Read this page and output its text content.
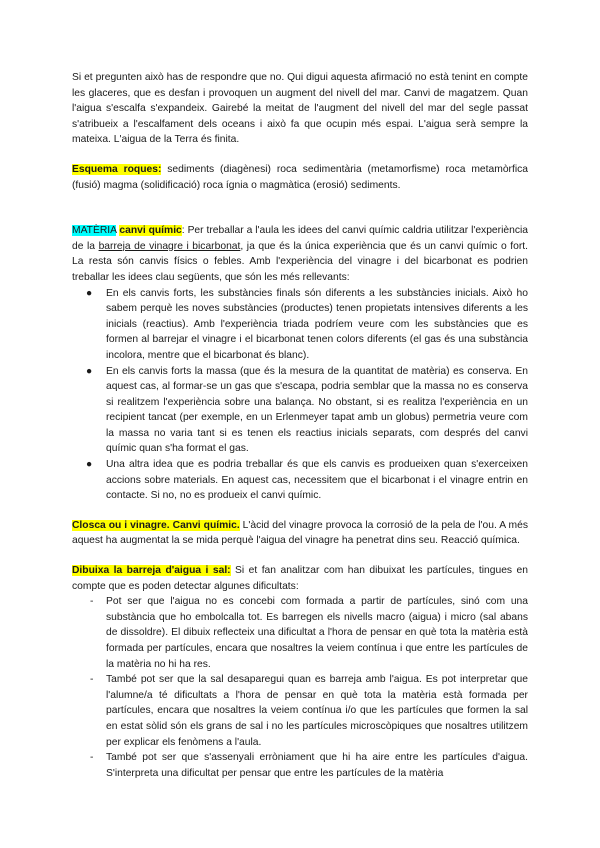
Si et pregunten això has de respondre que no. Qui digui aquesta afirmació no està tenint en compte les glaceres, que es desfan i provoquen un augment del nivell del mar. Canvi de magatzem. Quan l'aigua s'escalfa s'expandeix. Gairebé la meitat de l'augment del nivell del mar del segle passat s'atribueix a l'escalfament dels oceans i això fa que ocupin més espai. L'aigua serà sempre la mateixa. L'aigua de la Terra és finita.

Esquema roques: sediments (diagènesi) roca sedimentària (metamorfisme) roca metamòrfica (fusió) magma (solidificació) roca ígnia o magmàtica (erosió) sediments.

MATÈRIA canvi químic: Per treballar a l'aula les idees del canvi químic caldria utilitzar l'experiència de la barreja de vinagre i bicarbonat, ja que és la única experiència que és un canvi químic o fort. La resta són canvis físics o febles. Amb l'experiència del vinagre i del bicarbonat es podrien treballar les idees clau següents, que són les més rellevants:

● En els canvis forts, les substàncies finals són diferents a les substàncies inicials. Això ho sabem perquè les noves substàncies (productes) tenen propietats intensives diferents a les inicials (reactius). Amb l'experiència triada podríem veure com les substàncies que es formen al barrejar el vinagre i el bicarbonat tenen colors diferents (el gas és una substància incolora, mentre que el bicarbonat és blanc).
● En els canvis forts la massa (que és la mesura de la quantitat de matèria) es conserva. En aquest cas, al formar-se un gas que s'escapa, podria semblar que la massa no es conserva si realitzem l'experiència sobre una balança. No obstant, si es realitza l'experiència en un recipient tancat (per exemple, en un Erlenmeyer tapat amb un globus) permetria veure com la massa no varia tant si es tenen els reactius inicials separats, com després del canvi químic quan s'ha format el gas.
● Una altra idea que es podria treballar és que els canvis es produeixen quan s'exerceixen accions sobre materials. En aquest cas, necessitem que el bicarbonat i el vinagre entrin en contacte. Si no, no es produeix el canvi químic.

Closca ou i vinagre. Canvi químic. L'àcid del vinagre provoca la corrosió de la pela de l'ou. A més aquest ha augmentat la se mida perquè l'aigua del vinagre ha penetrat dins seu. Reacció química.

Dibuixa la barreja d'aigua i sal: Si et fan analitzar com han dibuixat les partícules, tingues en compte que es poden detectar algunes dificultats:

- Pot ser que l'aigua no es concebi com formada a partir de partícules, sinó com una substància que ho embolcalla tot. Es barregen els nivells macro (aigua) i micro (sal abans de dissoldre). El dibuix reflecteix una dificultat a l'hora de pensar en què tota la matèria està formada per partícules, encara que nosaltres la veiem contínua i que entre les partícules de la matèria no hi ha res.
- També pot ser que la sal desaparegui quan es barreja amb l'aigua. Es pot interpretar que l'alumne/a té dificultats a l'hora de pensar en què tota la matèria està formada per partícules, encara que nosaltres la veiem contínua i/o que les partícules que formen la sal en estat sòlid són els grans de sal i no les partícules microscòpiques que nosaltres utilitzem per explicar els fenòmens a l'aula.
- També pot ser que s'assenyali erròniament que hi ha aire entre les partícules d'aigua. S'interpreta una dificultat per pensar que entre les partícules de la matèria
